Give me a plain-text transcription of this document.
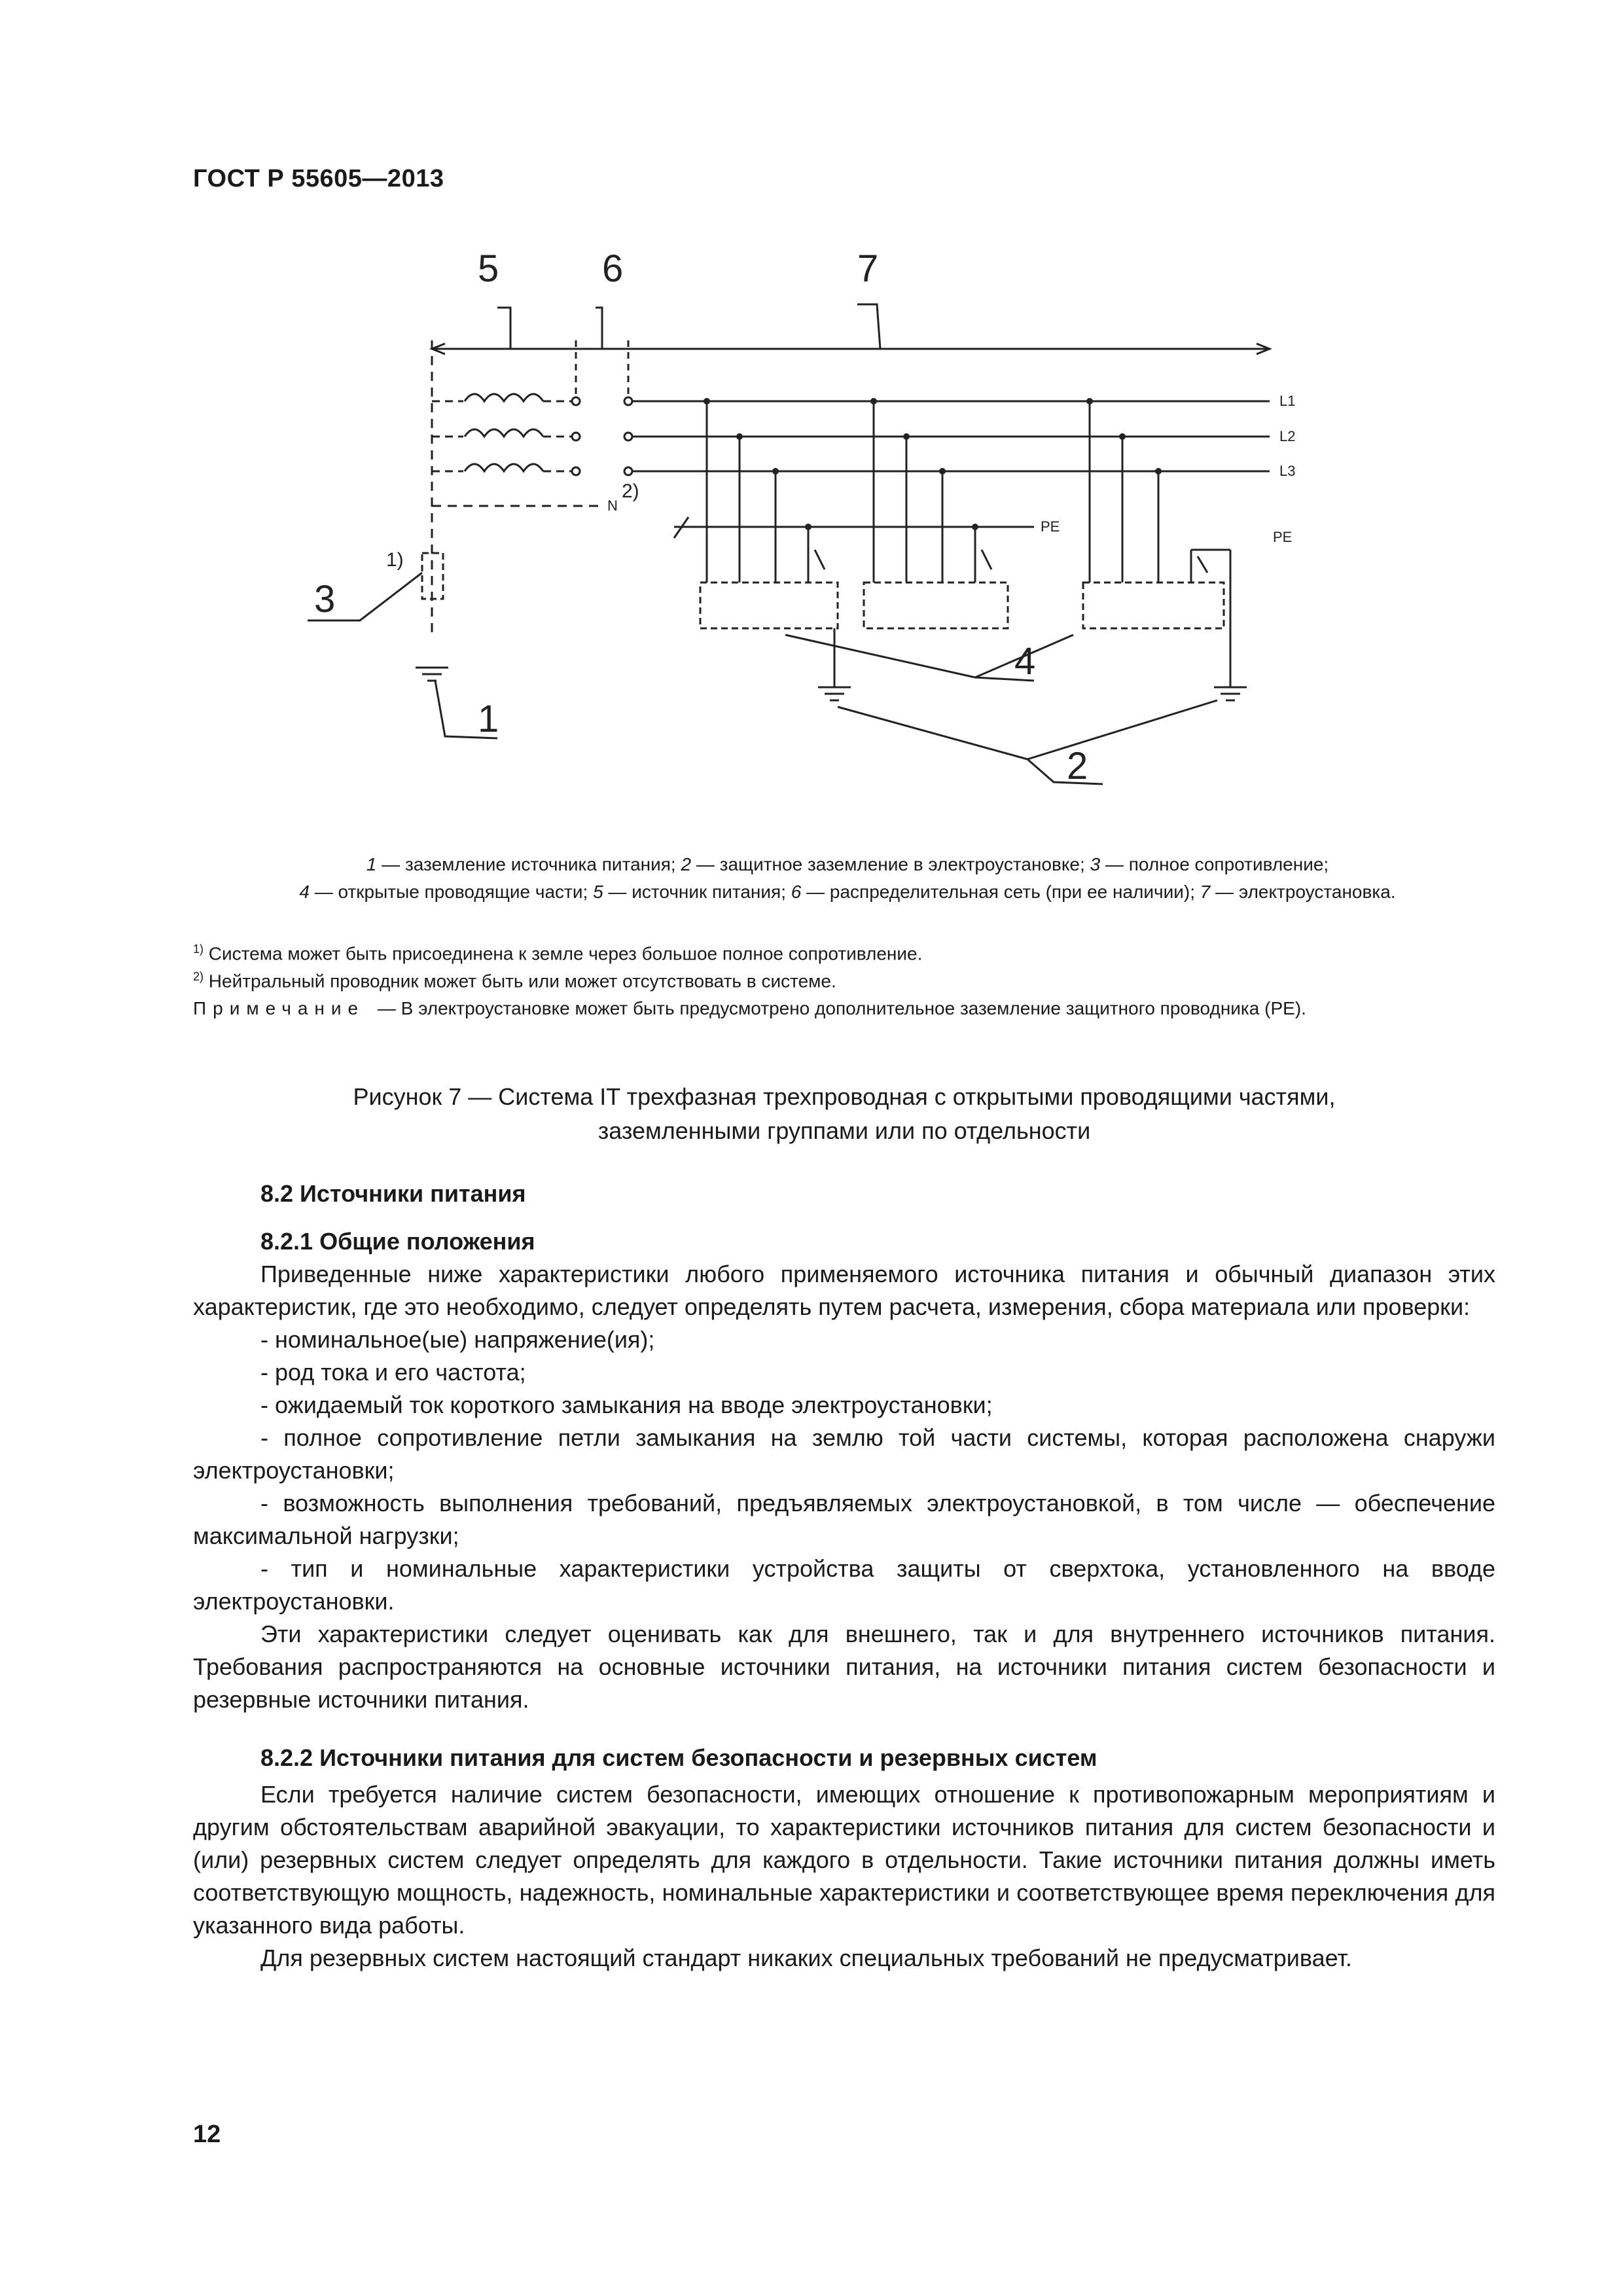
ГОСТ Р 55605—2013
5	6	7
1)
3
1
2)
4
2
L1
L2
L3
N
PE
PE
1 — заземление источника питания; 2 — защитное заземление в электроустановке; 3 — полное сопротивление;
4 — открытые проводящие части; 5 — источник питания; 6 — распределительная сеть (при ее наличии); 7 — электроустановка.
$^{1)}$ Система может быть присоединена к земле через большое полное сопротивление.
$^{2)}$ Нейтральный проводник может быть или может отсутствовать в системе.
Примечание — В электроустановке может быть предусмотрено дополнительное заземление защитного проводника (PE).
Рисунок 7 — Система IT трехфазная трехпроводная с открытыми проводящими частями,
заземленными группами или по отдельности
8.2 Источники питания
8.2.1 Общие положения

Приведенные ниже характеристики любого применяемого источника питания и обычный диапазон этих характеристик, где это необходимо, следует определять путем расчета, измерения, сбора материала или проверки:

- номинальное(ые) напряжение(ия);

- род тока и его частота;

- ожидаемый ток короткого замыкания на вводе электроустановки;

- полное сопротивление петли замыкания на землю той части системы, которая расположена снаружи электроустановки;

- возможность выполнения требований, предъявляемых электроустановкой, в том числе — обеспечение максимальной нагрузки;

- тип и номинальные характеристики устройства защиты от сверхтока, установленного на вводе электроустановки.

Эти характеристики следует оценивать как для внешнего, так и для внутреннего источников питания. Требования распространяются на основные источники питания, на источники питания систем безопасности и резервные источники питания.

8.2.2 Источники питания для систем безопасности и резервных систем

Если требуется наличие систем безопасности, имеющих отношение к противопожарным мероприятиям и другим обстоятельствам аварийной эвакуации, то характеристики источников питания для систем безопасности и (или) резервных систем следует определять для каждого в отдельности. Такие источники питания должны иметь соответствующую мощность, надежность, номинальные характеристики и соответствующее время переключения для указанного вида работы.

Для резервных систем настоящий стандарт никаких специальных требований не предусматривает.

12
